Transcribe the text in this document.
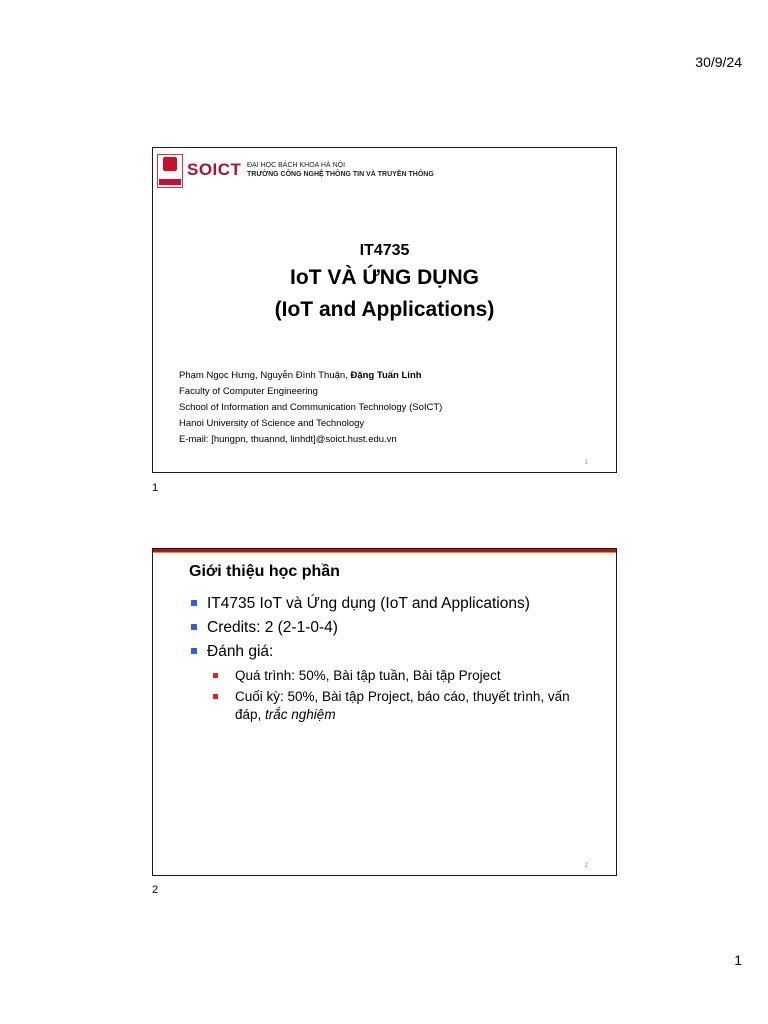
30/9/24
SOICT ĐẠI HỌC BÁCH KHOA HÀ NỘI
TRƯỜNG CÔNG NGHỆ THÔNG TIN VÀ TRUYỀN THÔNG
IT4735
IoT VÀ ỨNG DỤNG
(IoT and Applications)
Phạm Ngọc Hưng, Nguyễn Đình Thuận, Đặng Tuấn Linh
Faculty of Computer Engineering
School of Information and Communication Technology (SoICT)
Hanoi University of Science and Technology
E-mail: [hungpn, thuannd, linhdt]@soict.hust.edu.vn
1
1
Giới thiệu học phần
IT4735 IoT và Ứng dụng (IoT and Applications)
Credits: 2 (2-1-0-4)
Đánh giá:
Quá trình: 50%, Bài tập tuần, Bài tập Project
Cuối kỳ: 50%, Bài tập Project, báo cáo, thuyết trình, vấn đáp, trắc nghiệm
2
2
1
